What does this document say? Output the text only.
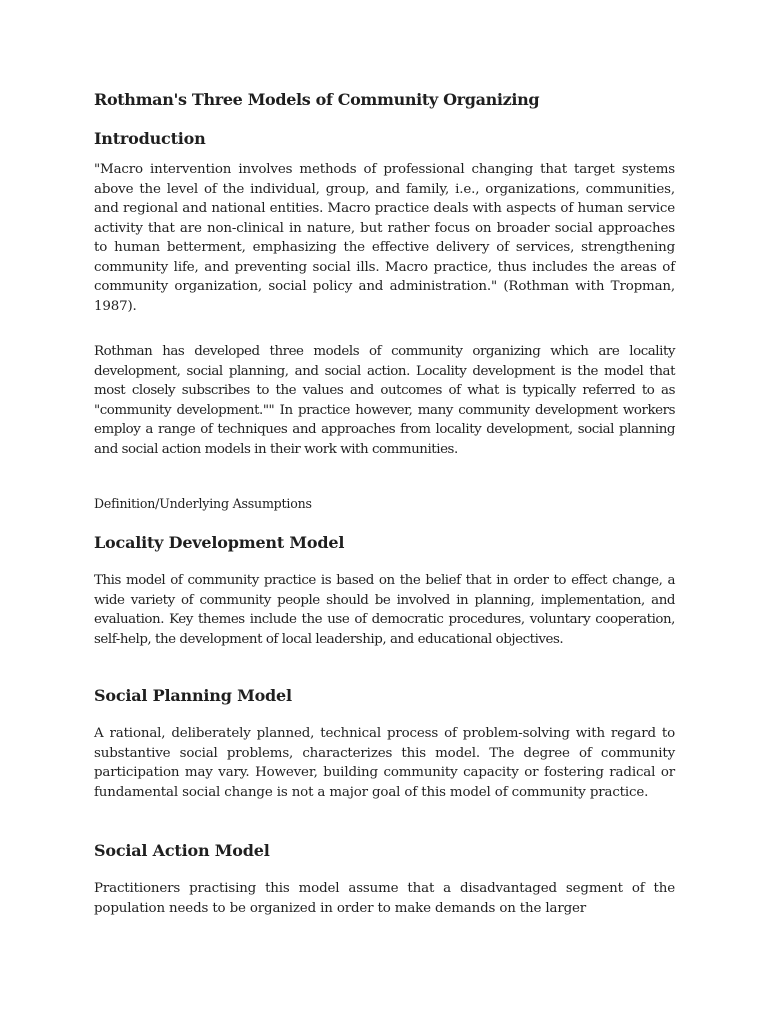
Rothman's Three Models of Community Organizing
Introduction

"Macro intervention involves methods of professional changing that target systems above the level of the individual, group, and family, i.e., organizations, communities, and regional and national entities. Macro practice deals with aspects of human service activity that are non-clinical in nature, but rather focus on broader social approaches to human betterment, emphasizing the effective delivery of services, strengthening community life, and preventing social ills. Macro practice, thus includes the areas of community organization, social policy and administration." (Rothman with Tropman, 1987).

Rothman has developed three models of community organizing which are locality development, social planning, and social action. Locality development is the model that most closely subscribes to the values and outcomes of what is typically referred to as "community development."" In practice however, many community development workers employ a range of techniques and approaches from locality development, social planning and social action models in their work with communities.

Definition/Underlying Assumptions
Locality Development Model

This model of community practice is based on the belief that in order to effect change, a wide variety of community people should be involved in planning, implementation, and evaluation. Key themes include the use of democratic procedures, voluntary cooperation, self-help, the development of local leadership, and educational objectives.

Social Planning Model

A rational, deliberately planned, technical process of problem-solving with regard to substantive social problems, characterizes this model. The degree of community participation may vary. However, building community capacity or fostering radical or fundamental social change is not a major goal of this model of community practice.

Social Action Model

Practitioners practising this model assume that a disadvantaged segment of the population needs to be organized in order to make demands on the larger
